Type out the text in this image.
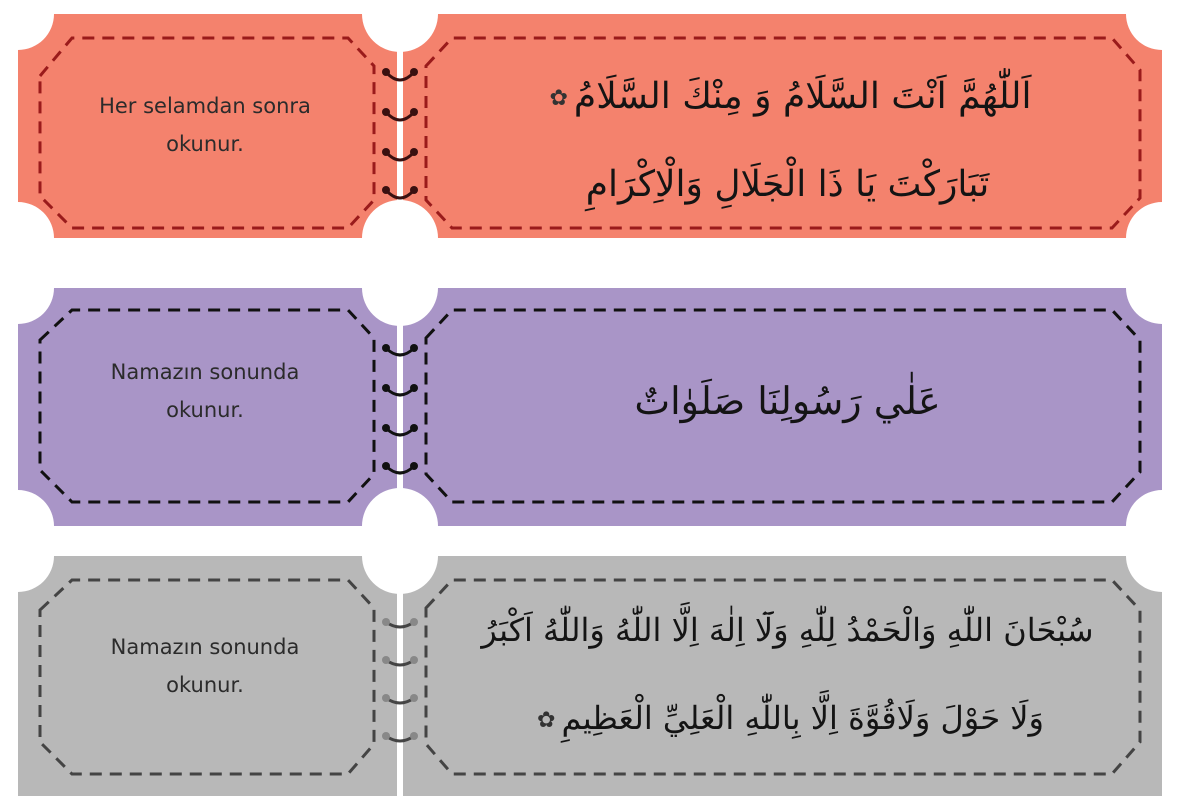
Her selamdan sonra
okunur.
اَللّٰهُمَّ اَنْتَ السَّلَامُ وَ مِنْكَ السَّلَامُ✿
تَبَارَكْتَ يَا ذَا الْجَلَالِ وَالْاِكْرَامِ
Namazın sonunda
okunur.	عَلٰي رَسُولِنَا صَلَوٰاتٌ
Namazın sonunda
okunur.
سُبْحَانَ اللّٰهِ وَالْحَمْدُ لِلّٰهِ وَلَٓا اِلٰهَ اِلَّا اللّٰهُ وَاللّٰهُ اَكْبَرُ
وَلَا حَوْلَ وَلَاقُوَّةَ اِلَّا بِاللّٰهِ الْعَلِيِّ الْعَظِيمِ✿
